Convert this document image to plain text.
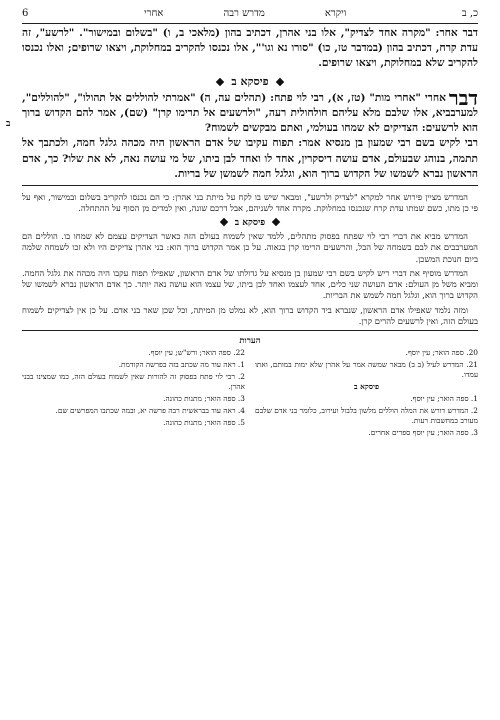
6	ויקרא
מדרש רבה
אחרי	כ, ב
דבר אחר: "מקרה אחד לצדיק", אלו בני אהרן, דכתיב בהון (מלאכי ב, ו) "בשלום ובמישור". "לרשע", זה עדת קרח, דכתיב בהון (במדבר טז, כו) "סורו נא וגו'", אלו נכנסו להקריב במחלוקת, ויצאו שרופים; ואלו נכנסו להקריב שלא במחלוקת, ויצאו שרופים.
פיסקא ב
ב
דבר
אחרי "אחרי מות" (טז, א), רבי לוי פתח: (תהלים עה, ה) "אמרתי להוללים אל תהולו", "להוללים", למערבביא, אלו שלבם מלא עליהם חולחולית רעה, "ולרשעים אל תרימו קרן" (שם), אמר להם הקדוש ברוך הוא לרשעים: הצדיקים לא שמחו בעולמי, ואתם מבקשים לשמוח?
רבי לקיש בשם רבי שמעון בן מנסיא אמר: תפוח עקיבו של אדם הראשון היה מכהה גלגל חמה, ולכתבך אל תתמה, בנוהג שבעולם, אדם עושה דיסקרין, אחד לו ואחד לבן ביתו, של מי עושה נאה, לא את שלו? כך, אדם הראשון נברא לשמשו של הקדוש ברוך הוא, וגלגל חמה לשמשן של בריות.

המדרש מציין פירוש אחר למקרא "לצדיק ולרשע", ומבאר שיש בו לקח על מיתת בני אהרן: כי הם נכנסו להקריב בשלום ובמישור, ואף על פי כן מתו, כשם שמתו עדת קרח שנכנסו במחלוקת. מקרה אחד לשניהם, אבל דרכם שונה, ואין למדים מן הסוף על ההתחלה.

פיסקא ב

המדרש מביא את דברי רבי לוי שפתח בפסוק מתהלים, ללמד שאין לשמוח בעולם הזה כאשר הצדיקים עצמם לא שמחו בו. הוללים הם המערבבים את לבם בשמחה של הבל, והרשעים הרימו קרן בגאוה. על כן אמר הקדוש ברוך הוא: בני אהרן צדיקים היו ולא זכו לשמחה שלמה ביום חנוכת המשכן.

המדרש מוסיף את דברי ריש לקיש בשם רבי שמעון בן מנסיא על גדולתו של אדם הראשון, שאפילו תפוח עקבו היה מכהה את גלגל החמה. ומביא משל מן העולם: אדם העושה שני כלים, אחד לעצמו ואחד לבן ביתו, של עצמו הוא עושה נאה יותר. כך אדם הראשון נברא לשמשו של הקדוש ברוך הוא, וגלגל חמה לשמש את הבריות.

ומזה נלמד שאפילו אדם הראשון, שנברא ביד הקדוש ברוך הוא, לא נמלט מן המיתה, וכל שכן שאר בני אדם. על כן אין לצדיקים לשמוח בעולם הזה, ואין לרשעים להרים קרן.

הערות

20. ספה הואר; עין יוסף.

21. המדרש לעיל (ב ב) מבאר שמשה אמר על אהרן שלא ימות במותם, ואתו עמדו.

פיסקא ב

1. ספה הואר; עין יוסף.

2. המדרש דורש את המלה הוללים מלשון בלבול ועירוב, כלומר בני אדם שלבם מעורב במחשבות רעות.

3. ספה הואר; עין יוסף ספרים אחרים.

22. ספה הואר; ורש"ש; עין יוסף.

1. ראה עוד מה שכתב בזה בפרשה הקודמת.

2. רבי לוי פתח בפסוק זה להורות שאין לשמוח בעולם הזה, כמו שמצינו בבני אהרן.

3. ספה הואר; מתנות כהונה.

4. ראה עוד בבראשית רבה פרשה יא, ובמה שכתבו המפרשים שם.

5. ספה הואר; מתנות כהונה.
